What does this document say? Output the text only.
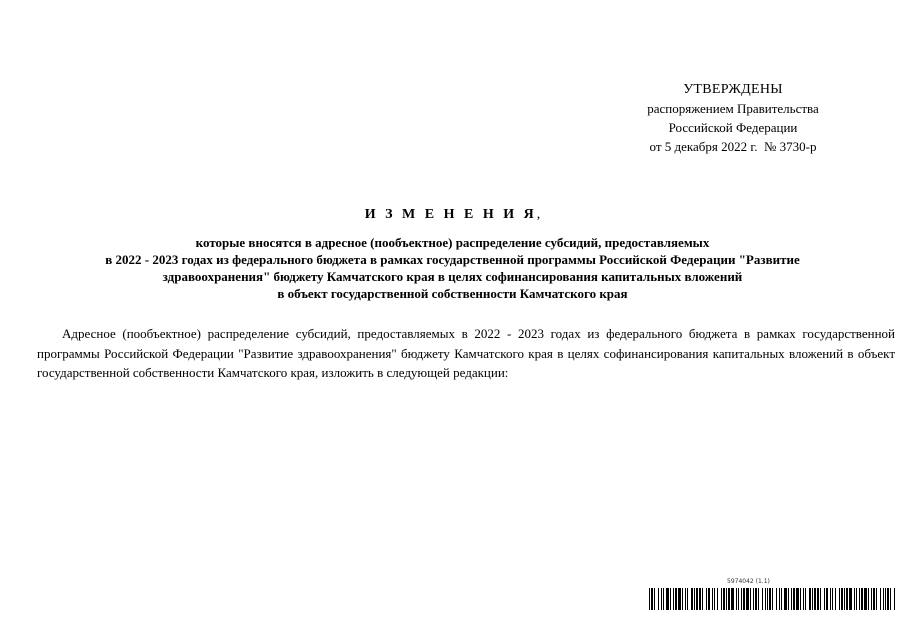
УТВЕРЖДЕНЫ
распоряжением Правительства
Российской Федерации
от 5 декабря 2022 г.  № 3730-р
И З М Е Н Е Н И Я,
которые вносятся в адресное (пообъектное) распределение субсидий, предоставляемых
в 2022 - 2023 годах из федерального бюджета в рамках государственной программы Российской Федерации "Развитие
здравоохранения" бюджету Камчатского края в целях софинансирования капитальных вложений
в объект государственной собственности Камчатского края
Адресное (пообъектное) распределение субсидий, предоставляемых в 2022 - 2023 годах из федерального бюджета в рамках государственной программы Российской Федерации "Развитие здравоохранения" бюджету Камчатского края в целях софинансирования капитальных вложений в объект государственной собственности Камчатского края, изложить в следующей редакции:
5974042 (1.1)
